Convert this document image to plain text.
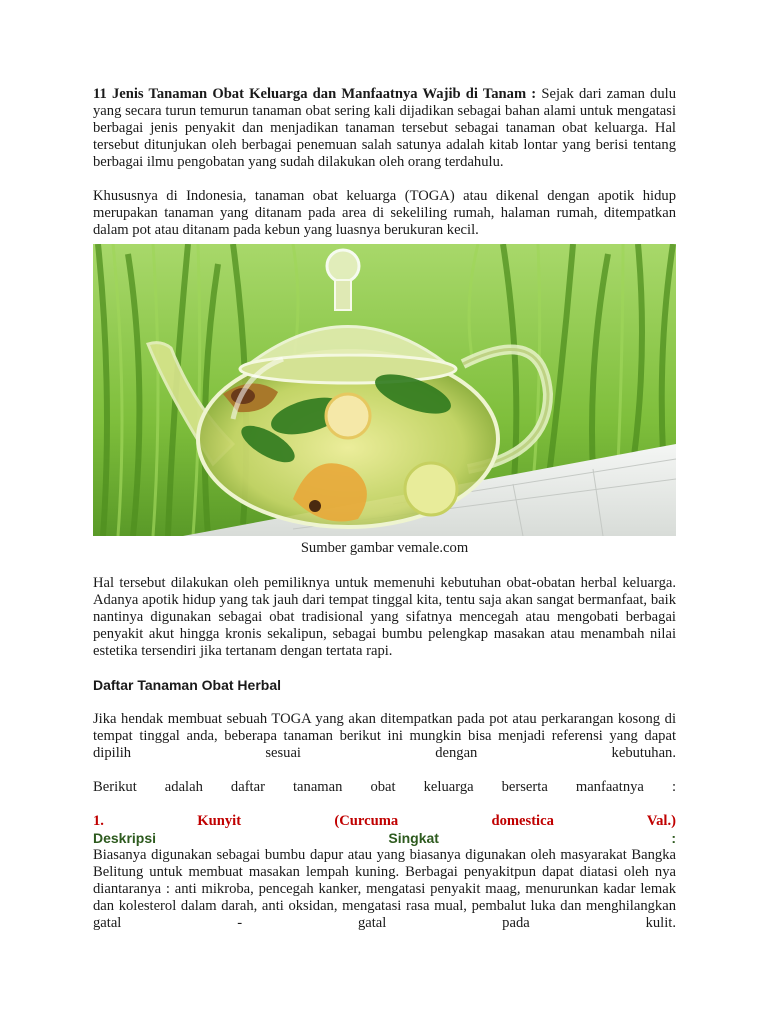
11 Jenis Tanaman Obat Keluarga dan Manfaatnya Wajib di Tanam : Sejak dari zaman dulu yang secara turun temurun tanaman obat sering kali dijadikan sebagai bahan alami untuk mengatasi berbagai jenis penyakit dan menjadikan tanaman tersebut sebagai tanaman obat keluarga. Hal tersebut ditunjukan oleh berbagai penemuan salah satunya adalah kitab lontar yang berisi tentang berbagai ilmu pengobatan yang sudah dilakukan oleh orang terdahulu.

Khususnya di Indonesia, tanaman obat keluarga (TOGA) atau dikenal dengan apotik hidup merupakan tanaman yang ditanam pada area di sekeliling rumah, halaman rumah, ditempatkan dalam pot atau ditanam pada kebun yang luasnya berukuran kecil.

Sumber gambar vemale.com

Hal tersebut dilakukan oleh pemiliknya untuk memenuhi kebutuhan obat-obatan herbal keluarga. Adanya apotik hidup yang tak jauh dari tempat tinggal kita, tentu saja akan sangat bermanfaat, baik nantinya digunakan sebagai obat tradisional yang sifatnya mencegah atau mengobati berbagai penyakit akut hingga kronis sekalipun, sebagai bumbu pelengkap masakan atau menambah nilai estetika tersendiri jika tertanam dengan tertata rapi.

Daftar Tanaman Obat Herbal

Jika hendak membuat sebuah TOGA yang akan ditempatkan pada pot atau perkarangan kosong di tempat tinggal anda, beberapa tanaman berikut ini mungkin bisa menjadi referensi yang dapat dipilih sesuai dengan kebutuhan.

Berikut adalah daftar tanaman obat keluarga berserta manfaatnya :

1. Kunyit (Curcuma domestica Val.)

Deskripsi Singkat :

Biasanya digunakan sebagai bumbu dapur atau yang biasanya digunakan oleh masyarakat Bangka Belitung untuk membuat masakan lempah kuning. Berbagai penyakitpun dapat diatasi oleh nya diantaranya : anti mikroba, pencegah kanker, mengatasi penyakit maag, menurunkan kadar lemak dan kolesterol dalam darah, anti oksidan, mengatasi rasa mual, pembalut luka dan menghilangkan gatal - gatal pada kulit.
